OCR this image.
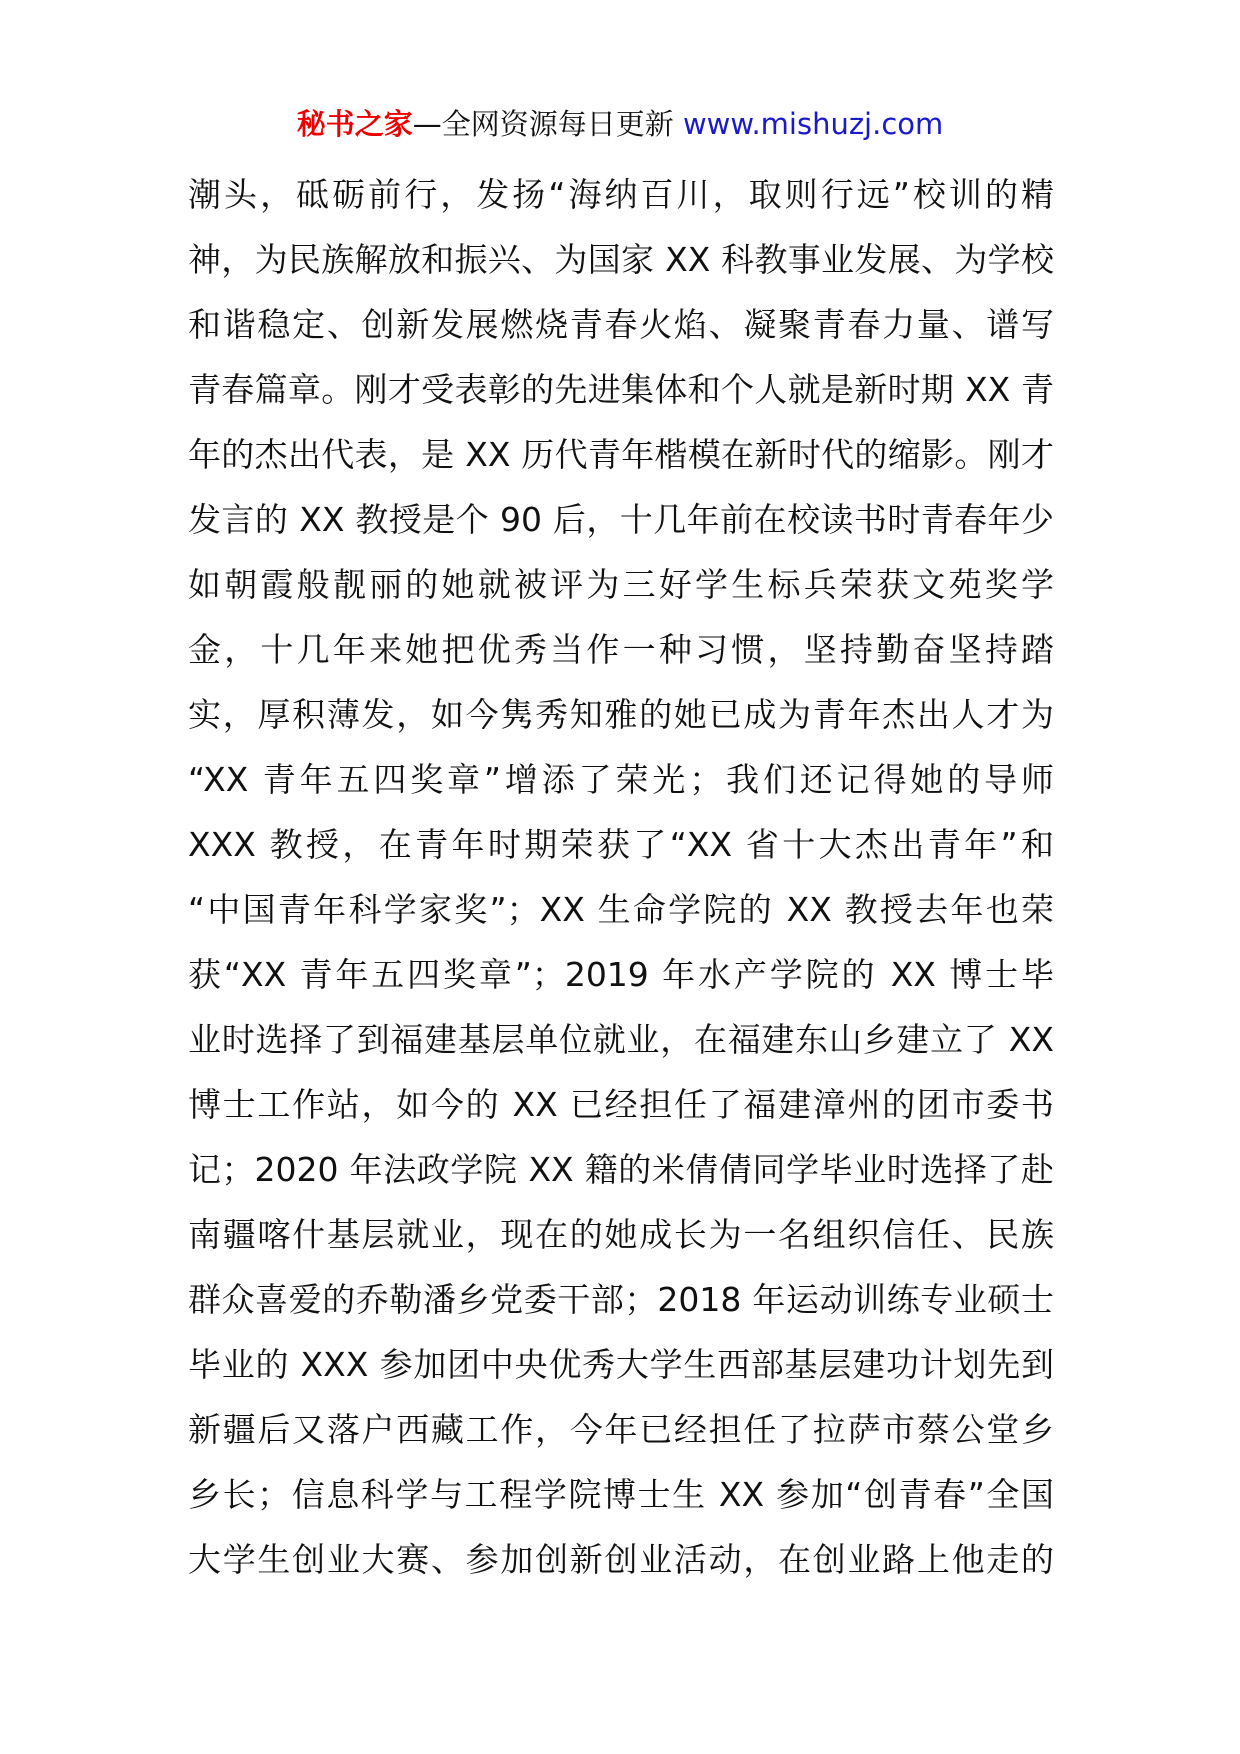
秘书之家—全网资源每日更新 www.mishuzj.com
潮头，砥砺前行，发扬“海纳百川，取则行远”校训的精
神，为民族解放和振兴、为国家 XX 科教事业发展、为学校
和谐稳定、创新发展燃烧青春火焰、凝聚青春力量、谱写
青春篇章。刚才受表彰的先进集体和个人就是新时期 XX 青
年的杰出代表，是 XX 历代青年楷模在新时代的缩影。刚才
发言的 XX 教授是个 90 后，十几年前在校读书时青春年少
如朝霞般靓丽的她就被评为三好学生标兵荣获文苑奖学
金，十几年来她把优秀当作一种习惯，坚持勤奋坚持踏
实，厚积薄发，如今隽秀知雅的她已成为青年杰出人才为
“XX 青年五四奖章”增添了荣光；我们还记得她的导师
XXX 教授，在青年时期荣获了“XX 省十大杰出青年”和
“中国青年科学家奖”；XX 生命学院的 XX 教授去年也荣
获“XX 青年五四奖章”；2019 年水产学院的 XX 博士毕
业时选择了到福建基层单位就业，在福建东山乡建立了 XX
博士工作站，如今的 XX 已经担任了福建漳州的团市委书
记；2020 年法政学院 XX 籍的米倩倩同学毕业时选择了赴
南疆喀什基层就业，现在的她成长为一名组织信任、民族
群众喜爱的乔勒潘乡党委干部；2018 年运动训练专业硕士
毕业的 XXX 参加团中央优秀大学生西部基层建功计划先到
新疆后又落户西藏工作，今年已经担任了拉萨市蔡公堂乡
乡长；信息科学与工程学院博士生 XX 参加“创青春”全国
大学生创业大赛、参加创新创业活动，在创业路上他走的
